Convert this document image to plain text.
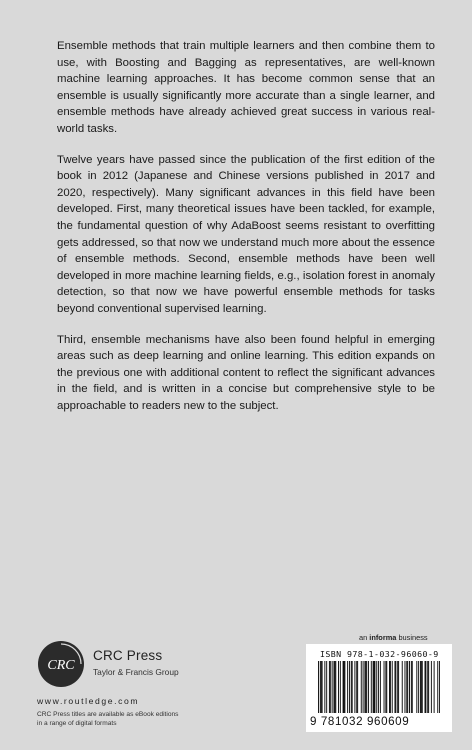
Ensemble methods that train multiple learners and then combine them to use, with Boosting and Bagging as representatives, are well-known machine learning approaches. It has become common sense that an ensemble is usually significantly more accurate than a single learner, and ensemble methods have already achieved great success in various real-world tasks.

Twelve years have passed since the publication of the first edition of the book in 2012 (Japanese and Chinese versions published in 2017 and 2020, respectively). Many significant advances in this field have been developed. First, many theoretical issues have been tackled, for example, the fundamental question of why AdaBoost seems resistant to overfitting gets addressed, so that now we understand much more about the essence of ensemble methods. Second, ensemble methods have been well developed in more machine learning fields, e.g., isolation forest in anomaly detection, so that now we have powerful ensemble methods for tasks beyond conventional supervised learning.

Third, ensemble mechanisms have also been found helpful in emerging areas such as deep learning and online learning. This edition expands on the previous one with additional content to reflect the significant advances in the field, and is written in a concise but comprehensive style to be approachable to readers new to the subject.

CRC
CRC Press
Taylor & Francis Group
www.routledge.com
CRC Press titles are available as eBook editions
in a range of digital formats
an informa business
ISBN 978-1-032-96060-9
9 781032 960609
